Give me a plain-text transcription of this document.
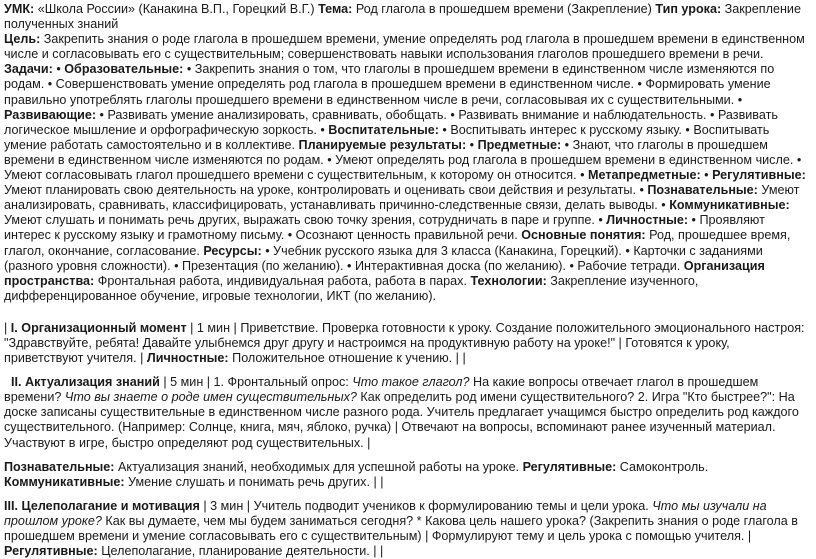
УМК: «Школа России» (Канакина В.П., Горецкий В.Г.) Тема: Род глагола в прошедшем времени (Закрепление) Тип урока: Закрепление полученных знаний
Цель: Закрепить знания о роде глагола в прошедшем времени, умение определять род глагола в прошедшем времени в единственном числе и согласовывать его с существительным; совершенствовать навыки использования глаголов прошедшего времени в речи. Задачи: • Образовательные: • Закрепить знания о том, что глаголы в прошедшем времени в единственном числе изменяются по родам. • Совершенствовать умение определять род глагола в прошедшем времени в единственном числе. • Формировать умение правильно употреблять глаголы прошедшего времени в единственном числе в речи, согласовывая их с существительными. • Развивающие: • Развивать умение анализировать, сравнивать, обобщать. • Развивать внимание и наблюдательность. • Развивать логическое мышление и орфографическую зоркость. • Воспитательные: • Воспитывать интерес к русскому языку. • Воспитывать умение работать самостоятельно и в коллективе. Планируемые результаты: • Предметные: • Знают, что глаголы в прошедшем времени в единственном числе изменяются по родам. • Умеют определять род глагола в прошедшем времени в единственном числе. • Умеют согласовывать глагол прошедшего времени с существительным, к которому он относится. • Метапредметные: • Регулятивные: Умеют планировать свою деятельность на уроке, контролировать и оценивать свои действия и результаты. • Познавательные: Умеют анализировать, сравнивать, классифицировать, устанавливать причинно-следственные связи, делать выводы. • Коммуникативные: Умеют слушать и понимать речь других, выражать свою точку зрения, сотрудничать в паре и группе. • Личностные: • Проявляют интерес к русскому языку и грамотному письму. • Осознают ценность правильной речи. Основные понятия: Род, прошедшее время, глагол, окончание, согласование. Ресурсы: • Учебник русского языка для 3 класса (Канакина, Горецкий). • Карточки с заданиями (разного уровня сложности). • Презентация (по желанию). • Интерактивная доска (по желанию). • Рабочие тетради. Организация пространства: Фронтальная работа, индивидуальная работа, работа в парах. Технологии: Закрепление изученного, дифференцированное обучение, игровые технологии, ИКТ (по желанию).

| I. Организационный момент | 1 мин | Приветствие. Проверка готовности к уроку. Создание положительного эмоционального настроя: "Здравствуйте, ребята! Давайте улыбнемся друг другу и настроимся на продуктивную работу на уроке!" | Готовятся к уроку, приветствуют учителя. | Личностные: Положительное отношение к учению. | |

II. Актуализация знаний | 5 мин | 1. Фронтальный опрос: Что такое глагол? На какие вопросы отвечает глагол в прошедшем времени? Что вы знаете о роде имен существительных? Как определить род имени существительного? 2. Игра "Кто быстрее?": На доске записаны существительные в единственном числе разного рода. Учитель предлагает учащимся быстро определить род каждого существительного. (Например: Солнце, книга, мяч, яблоко, ручка) | Отвечают на вопросы, вспоминают ранее изученный материал. Участвуют в игре, быстро определяют род существительных. |

Познавательные: Актуализация знаний, необходимых для успешной работы на уроке. Регулятивные: Самоконтроль. Коммуникативные: Умение слушать и понимать речь других. | |

III. Целеполагание и мотивация | 3 мин | Учитель подводит учеников к формулированию темы и цели урока. Что мы изучали на прошлом уроке? Как вы думаете, чем мы будем заниматься сегодня? * Какова цель нашего урока? (Закрепить знания о роде глагола в прошедшем времени и умение согласовывать его с существительным) | Формулируют тему и цель урока с помощью учителя. | Регулятивные: Целеполагание, планирование деятельности. | |
